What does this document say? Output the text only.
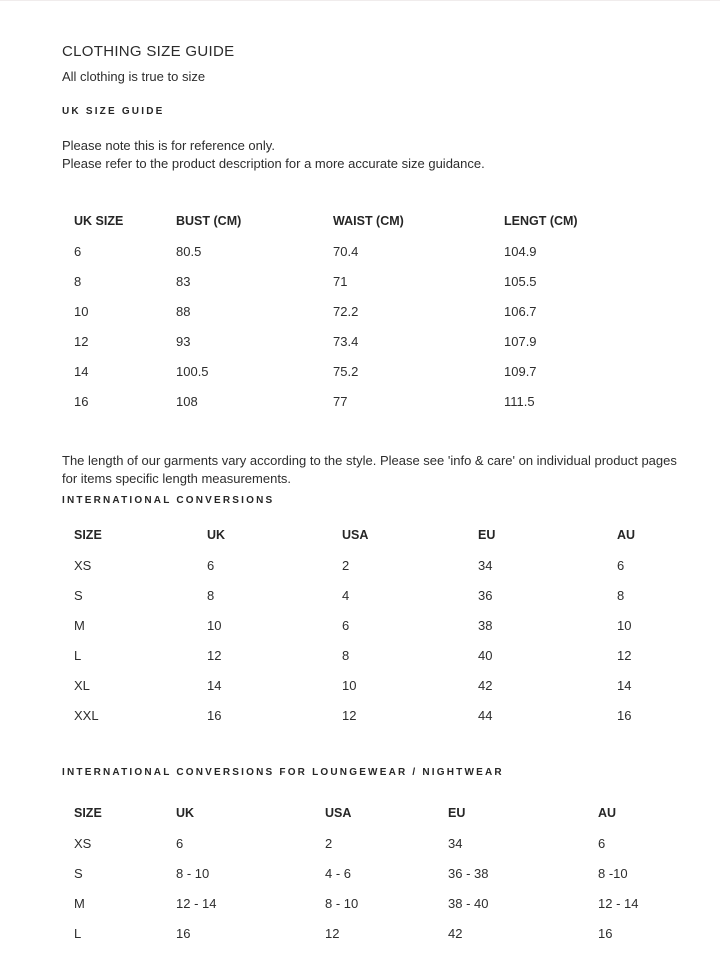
CLOTHING SIZE GUIDE

All clothing is true to size

UK SIZE GUIDE
Please note this is for reference only.
Please refer to the product description for a more accurate size guidance.
UK SIZE	BUST (CM)	WAIST (CM)	LENGT (CM)
6	80.5	70.4	104.9
8	83	71	105.5
10	88	72.2	106.7
12	93	73.4	107.9
14	100.5	75.2	109.7
16	108	77	111.5

The length of our garments vary according to the style. Please see 'info & care' on individual product pages for items specific length measurements.

INTERNATIONAL CONVERSIONS
SIZE	UK	USA	EU	AU
XS	6	2	34	6
S	8	4	36	8
M	10	6	38	10
L	12	8	40	12
XL	14	10	42	14
XXL	16	12	44	16
INTERNATIONAL CONVERSIONS FOR LOUNGEWEAR / NIGHTWEAR
SIZE	UK	USA	EU	AU
XS	6	2	34	6
S	8 - 10	4 - 6	36 - 38	8 -10
M	12 - 14	8 - 10	38 - 40	12 - 14
L	16	12	42	16
